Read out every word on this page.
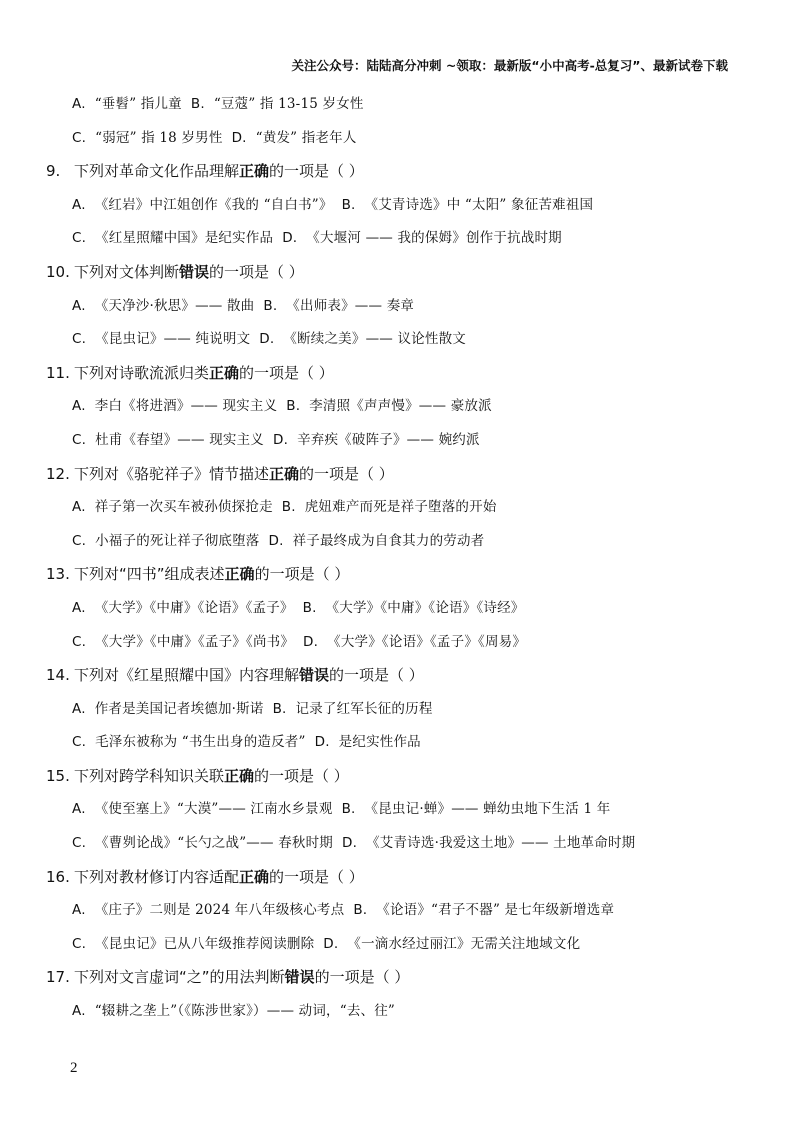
关注公众号：陆陆高分冲刺 ~领取：最新版“小中高考-总复习”、最新试卷下载
A. “垂髫” 指儿童 B. “豆蔻” 指 13-15 岁女性
C. “弱冠” 指 18 岁男性 D. “黄发” 指老年人
9. 下列对革命文化作品理解正确的一项是（ ）
A. 《红岩》中江姐创作《我的 “自白书”》 B. 《艾青诗选》中 “太阳” 象征苦难祖国
C. 《红星照耀中国》是纪实作品 D. 《大堰河 —— 我的保姆》创作于抗战时期
10. 下列对文体判断错误的一项是（ ）
A. 《天净沙·秋思》—— 散曲 B. 《出师表》—— 奏章
C. 《昆虫记》—— 纯说明文 D. 《断续之美》—— 议论性散文
11. 下列对诗歌流派归类正确的一项是（ ）
A. 李白《将进酒》—— 现实主义 B. 李清照《声声慢》—— 豪放派
C. 杜甫《春望》—— 现实主义 D. 辛弃疾《破阵子》—— 婉约派
12. 下列对《骆驼祥子》情节描述正确的一项是（ ）
A. 祥子第一次买车被孙侦探抢走 B. 虎妞难产而死是祥子堕落的开始
C. 小福子的死让祥子彻底堕落 D. 祥子最终成为自食其力的劳动者
13. 下列对“四书”组成表述正确的一项是（ ）
A. 《大学》《中庸》《论语》《孟子》 B. 《大学》《中庸》《论语》《诗经》
C. 《大学》《中庸》《孟子》《尚书》 D. 《大学》《论语》《孟子》《周易》
14. 下列对《红星照耀中国》内容理解错误的一项是（ ）
A. 作者是美国记者埃德加·斯诺 B. 记录了红军长征的历程
C. 毛泽东被称为 “书生出身的造反者” D. 是纪实性作品
15. 下列对跨学科知识关联正确的一项是（ ）
A. 《使至塞上》“大漠”—— 江南水乡景观 B. 《昆虫记·蝉》—— 蝉幼虫地下生活 1 年
C. 《曹刿论战》“长勺之战”—— 春秋时期 D. 《艾青诗选·我爱这土地》—— 土地革命时期
16. 下列对教材修订内容适配正确的一项是（ ）
A. 《庄子》二则是 2024 年八年级核心考点 B. 《论语》“君子不器” 是七年级新增选章
C. 《昆虫记》已从八年级推荐阅读删除 D. 《一滴水经过丽江》无需关注地域文化
17. 下列对文言虚词“之”的用法判断错误的一项是（ ）
A. “辍耕之垄上”（《陈涉世家》）—— 动词，“去、往”
2
